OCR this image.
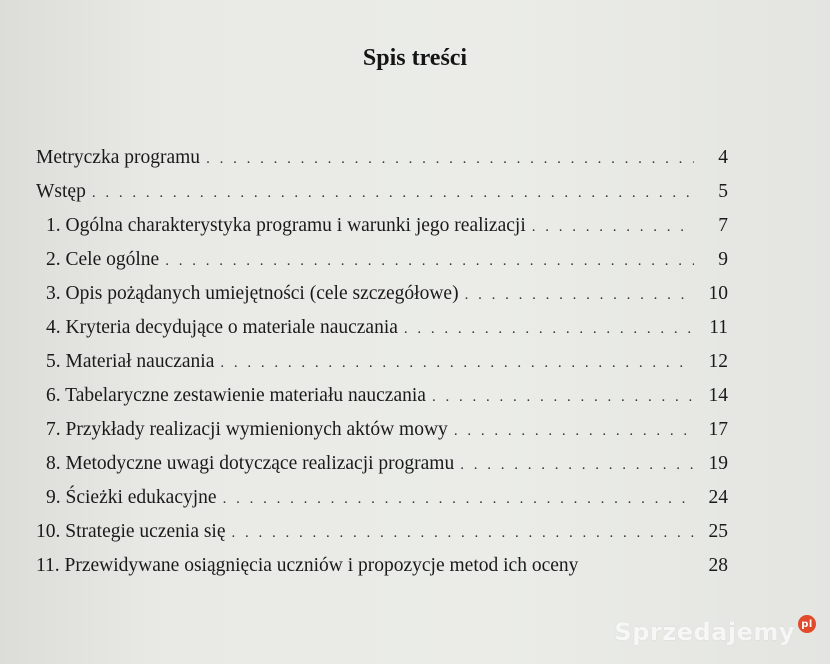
Spis treści
Metryczka programu . . .	4
Wstęp . . .	5
1. Ogólna charakterystyka programu i warunki jego realizacji . . .	7
2. Cele ogólne . . .	9
3. Opis pożądanych umiejętności (cele szczegółowe) . . .	10
4. Kryteria decydujące o materiale nauczania . . .	11
5. Materiał nauczania . . .	12
6. Tabelaryczne zestawienie materiału nauczania . . .	14
7. Przykłady realizacji wymienionych aktów mowy . . .	17
8. Metodyczne uwagi dotyczące realizacji programu . . .	19
9. Ścieżki edukacyjne . . .	24
10. Strategie uczenia się . . .	25
11. Przewidywane osiągnięcia uczniów i propozycje metod ich oceny	28
Sprzedajemy pl
